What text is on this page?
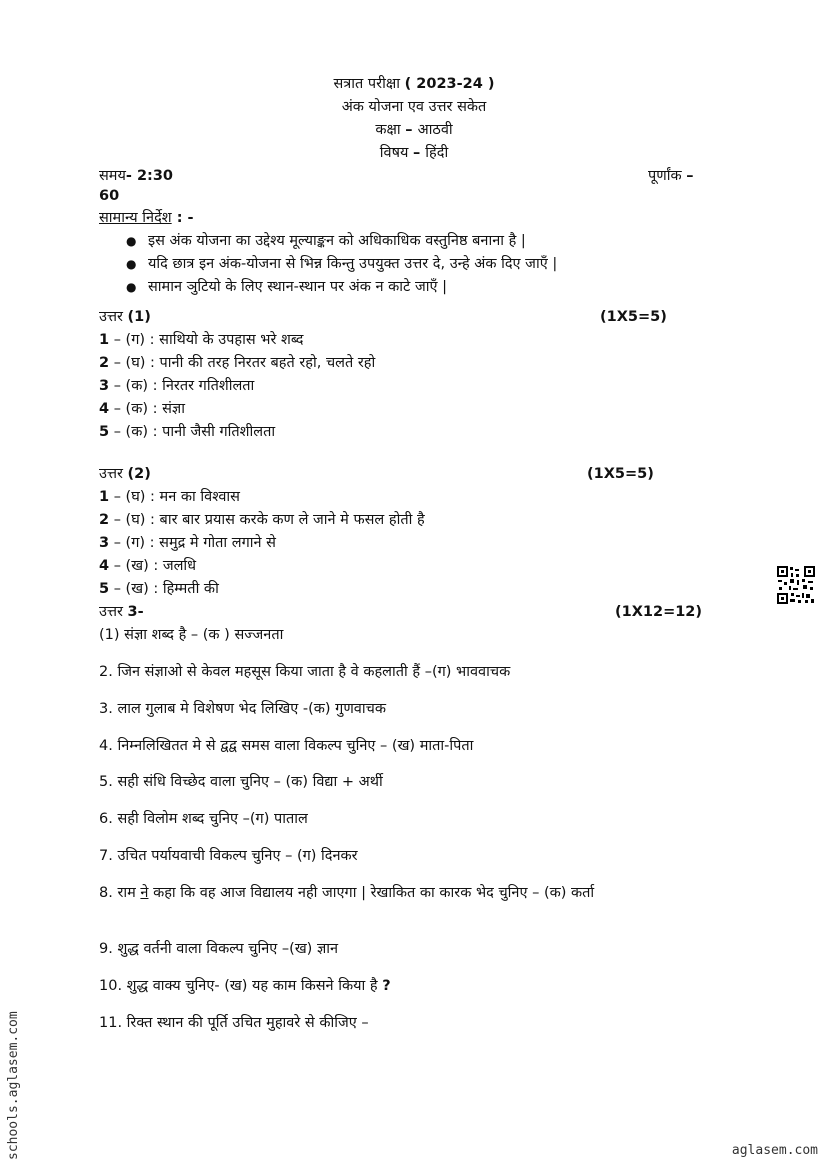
सत्रात परीक्षा ( 2023-24 )
अंक योजना एव उत्तर सकेत
कक्षा – आठवी
विषय – हिंदी
समय- 2:30	पूर्णांक –
60
सामान्य निर्देश : -
● इस अंक योजना का उद्देश्य मूल्याङ्कन को अधिकाधिक वस्तुनिष्ठ बनाना है |
● यदि छात्र इन अंक-योजना से भिन्न किन्तु उपयुक्त उत्तर दे, उन्हे अंक दिए जाएँ |
● सामान ञुटियो के लिए स्थान-स्थान पर अंक न काटे जाएँ |
उत्तर (1)	(1X5=5)
1 – (ग) : साथियो के उपहास भरे शब्द
2 – (घ) : पानी की तरह निरतर बहते रहो, चलते रहो
3 – (क) : निरतर गतिशीलता
4 – (क) : संज्ञा
5 – (क) : पानी जैसी गतिशीलता
उत्तर (2)	(1X5=5)
1 – (घ) : मन का विश्वास
2 – (घ) : बार बार प्रयास करके कण ले जाने मे फसल होती है
3 – (ग) : समुद्र मे गोता लगाने से
4 – (ख) : जलधि
5 – (ख) : हिम्मती की
उत्तर 3-	(1X12=12)
(1) संज्ञा शब्द है – (क ) सज्जनता
2. जिन संज्ञाओ से केवल महसूस किया जाता है वे कहलाती हैं –(ग) भाववाचक
3. लाल गुलाब मे विशेषण भेद लिखिए -(क) गुणवाचक
4. निम्नलिखितत मे से द्वद्व समस वाला विकल्प चुनिए – (ख) माता-पिता
5. सही संधि विच्छेद वाला चुनिए – (क) विद्या + अर्थी
6. सही विलोम शब्द चुनिए –(ग) पाताल
7. उचित पर्यायवाची विकल्प चुनिए – (ग) दिनकर
8. राम ने कहा कि वह आज विद्यालय नही जाएगा | रेखाकित का कारक भेद चुनिए – (क) कर्ता
9. शुद्ध वर्तनी वाला विकल्प चुनिए –(ख) ज्ञान
10. शुद्ध वाक्य चुनिए- (ख) यह काम किसने किया है ?
11. रिक्त स्थान की पूर्ति उचित मुहावरे से कीजिए –
schools.aglasem.com	aglasem.com
